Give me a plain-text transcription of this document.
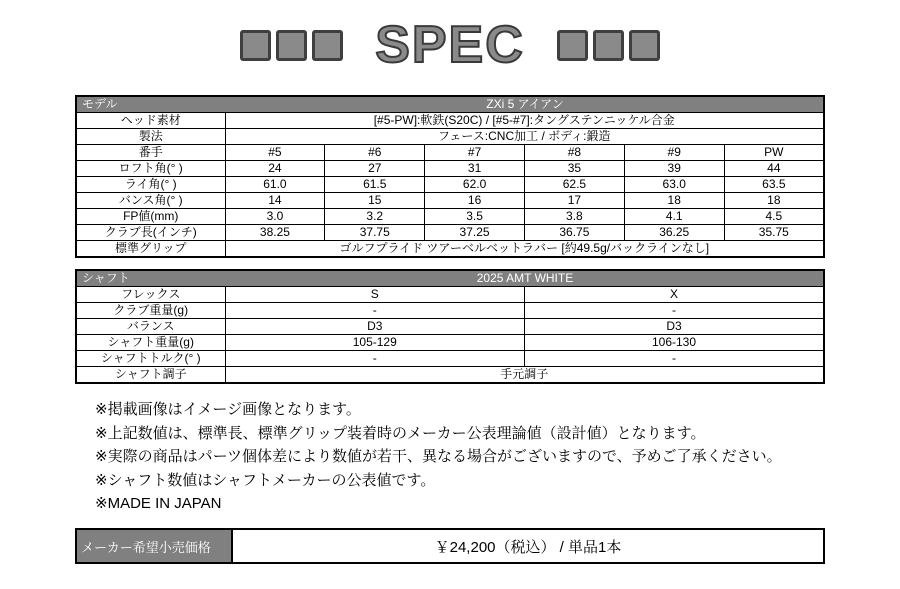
SPEC
モデル ZXi 5 アイアン						

ヘッド素材	[#5-PW]:軟鉄(S20C) / [#5-#7]:タングステンニッケル合金					
製法	フェース:CNC加工 / ボディ:鍛造					
番手	#5	#6	#7	#8	#9	PW
ロフト角(° )	24	27	31	35	39	44
ライ角(° )	61.0	61.5	62.0	62.5	63.0	63.5
バンス角(° )	14	15	16	17	18	18
FP値(mm)	3.0	3.2	3.5	3.8	4.1	4.5
クラブ長(インチ)	38.25	37.75	37.25	36.75	36.25	35.75
標準グリップ	ゴルフプライド ツアーベルベットラバー [約49.5g/バックラインなし]					
シャフト 2025 AMT WHITE		

フレックス	S	X
クラブ重量(g)	-	-
バランス	D3	D3
シャフト重量(g)	105-129	106-130
シャフトトルク(° )	-	-
シャフト調子	手元調子	
※掲載画像はイメージ画像となります。
※上記数値は、標準長、標準グリップ装着時のメーカー公表理論値（設計値）となります。
※実際の商品はパーツ個体差により数値が若干、異なる場合がございますので、予めご了承ください。
※シャフト数値はシャフトメーカーの公表値です。
※MADE IN JAPAN
メーカー希望小売価格	￥24,200（税込） / 単品1本
